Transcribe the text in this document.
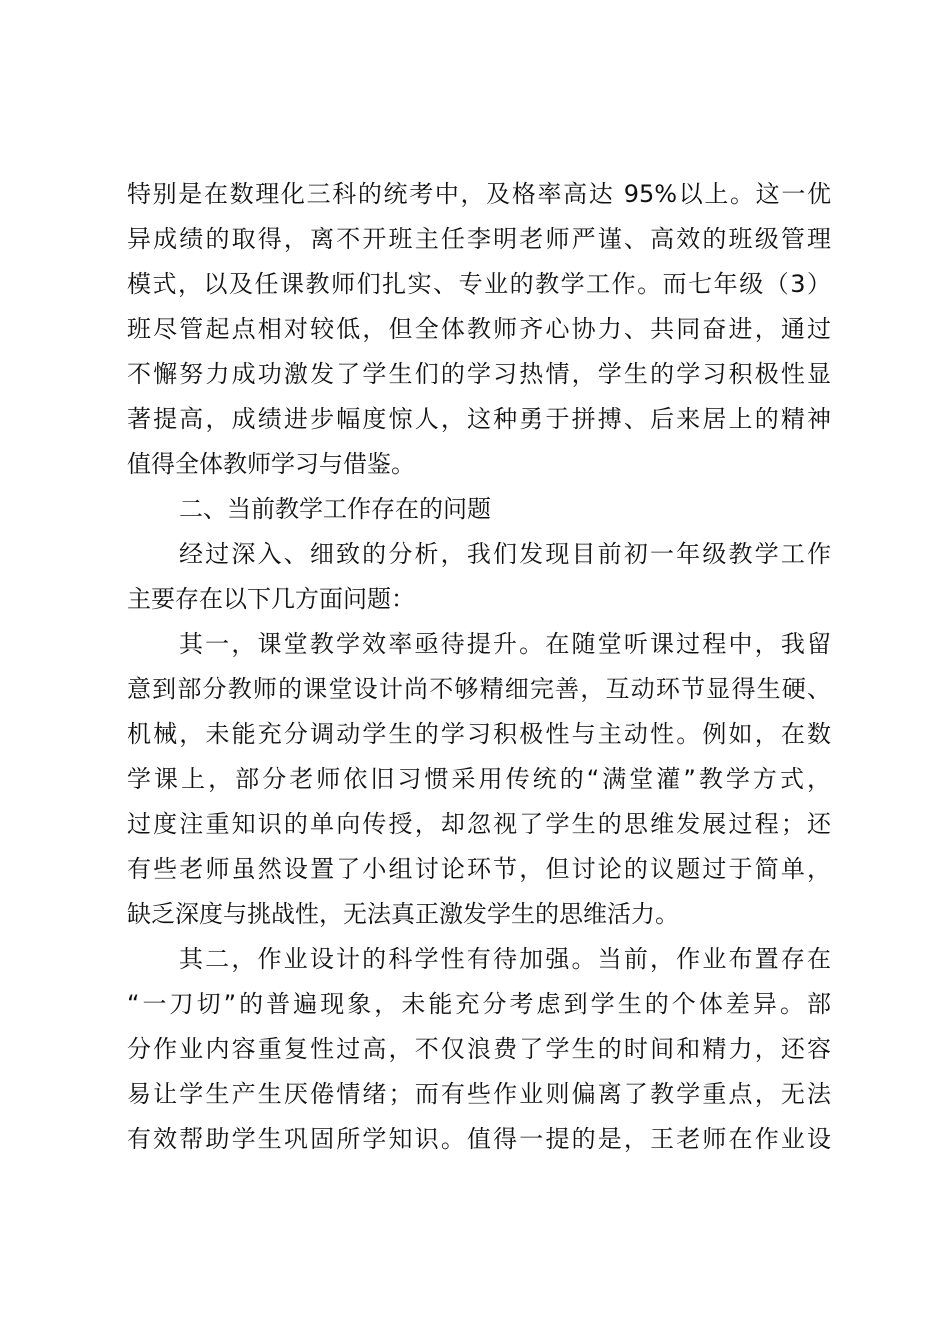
特别是在数理化三科的统考中，及格率高达 95%以上。这一优
异成绩的取得，离不开班主任李明老师严谨、高效的班级管理
模式，以及任课教师们扎实、专业的教学工作。而七年级（3）
班尽管起点相对较低，但全体教师齐心协力、共同奋进，通过
不懈努力成功激发了学生们的学习热情，学生的学习积极性显
著提高，成绩进步幅度惊人，这种勇于拼搏、后来居上的精神
值得全体教师学习与借鉴。
二、当前教学工作存在的问题
经过深入、细致的分析，我们发现目前初一年级教学工作
主要存在以下几方面问题：
其一，课堂教学效率亟待提升。在随堂听课过程中，我留
意到部分教师的课堂设计尚不够精细完善，互动环节显得生硬、
机械，未能充分调动学生的学习积极性与主动性。例如，在数
学课上，部分老师依旧习惯采用传统的“满堂灌”教学方式，
过度注重知识的单向传授，却忽视了学生的思维发展过程；还
有些老师虽然设置了小组讨论环节，但讨论的议题过于简单，
缺乏深度与挑战性，无法真正激发学生的思维活力。
其二，作业设计的科学性有待加强。当前，作业布置存在
“一刀切”的普遍现象，未能充分考虑到学生的个体差异。部
分作业内容重复性过高，不仅浪费了学生的时间和精力，还容
易让学生产生厌倦情绪；而有些作业则偏离了教学重点，无法
有效帮助学生巩固所学知识。值得一提的是，王老师在作业设
